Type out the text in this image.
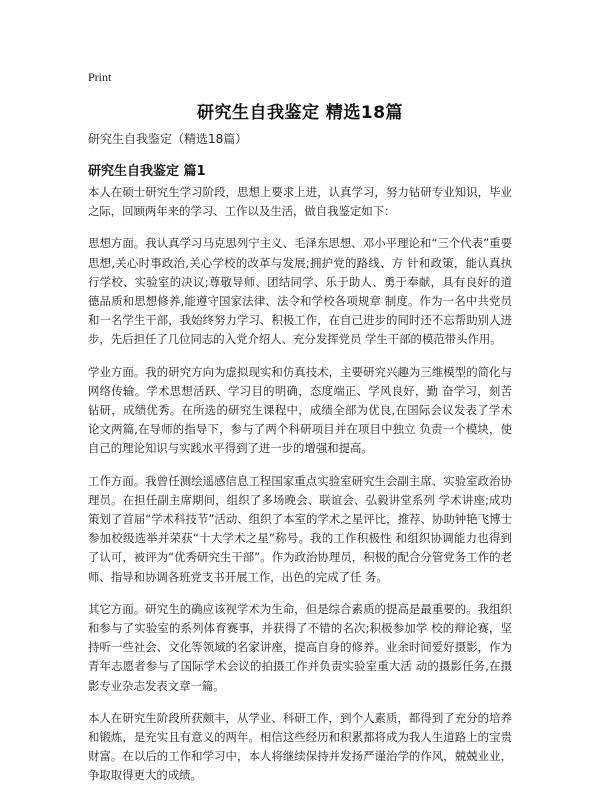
Print
研究生自我鉴定 精选18篇
研究生自我鉴定（精选18篇）
研究生自我鉴定 篇1

本人在硕士研究生学习阶段，思想上要求上进，认真学习，努力钻研专业知识，毕业之际，回顾两年来的学习、工作以及生活，做自我鉴定如下：

思想方面。我认真学习马克思列宁主义、毛泽东思想、邓小平理论和“三个代表”重要思想,关心时事政治,关心学校的改革与发展;拥护党的路线、方 针和政策，能认真执行学校、实验室的决议;尊敬导师、团结同学、乐于助人、勇于奉献，具有良好的道德品质和思想修养,能遵守国家法律、法令和学校各项规章 制度。作为一名中共党员和一名学生干部，我始终努力学习、积极工作，在自己进步的同时还不忘帮助别人进步，先后担任了几位同志的入党介绍人、充分发挥党员 学生干部的模范带头作用。

学业方面。我的研究方向为虚拟现实和仿真技术，主要研究兴趣为三维模型的简化与网络传输。学术思想活跃、学习目的明确，态度端正、学风良好，勤 奋学习，刻苦钻研，成绩优秀。在所选的研究生课程中，成绩全部为优良,在国际会议发表了学术论文两篇,在导师的指导下，参与了两个科研项目并在项目中独立 负责一个模块，使自己的理论知识与实践水平得到了进一步的增强和提高。

工作方面。我曾任测绘遥感信息工程国家重点实验室研究生会副主席、实验室政治协理员。在担任副主席期间，组织了多场晚会、联谊会、弘毅讲堂系列 学术讲座;成功策划了首届“学术科技节”活动、组织了本室的学术之星评比，推荐、协助钟艳飞博士参加校级选举并荣获“十大学术之星”称号。我的工作积极性 和组织协调能力也得到了认可，被评为“优秀研究生干部”。作为政治协理员，积极的配合分管党务工作的老师、指导和协调各班党支书开展工作，出色的完成了任 务。

其它方面。研究生的确应该视学术为生命，但是综合素质的提高是最重要的。我组织和参与了实验室的系列体育赛事，并获得了不错的名次;积极参加学 校的辩论赛，坚持听一些社会、文化等领域的名家讲座，提高自身的修养。业余时间爱好摄影，作为青年志愿者参与了国际学术会议的拍摄工作并负责实验室重大活 动的摄影任务,在摄影专业杂志发表文章一篇。

本人在研究生阶段所获颇丰，从学业、科研工作，到个人素质，都得到了充分的培养和锻炼，是充实且有意义的两年。相信这些经历和积累都将成为我人生道路上的宝贵财富。在以后的工作和学习中，本人将继续保持并发扬严谨治学的作风，兢兢业业，争取取得更大的成绩。
